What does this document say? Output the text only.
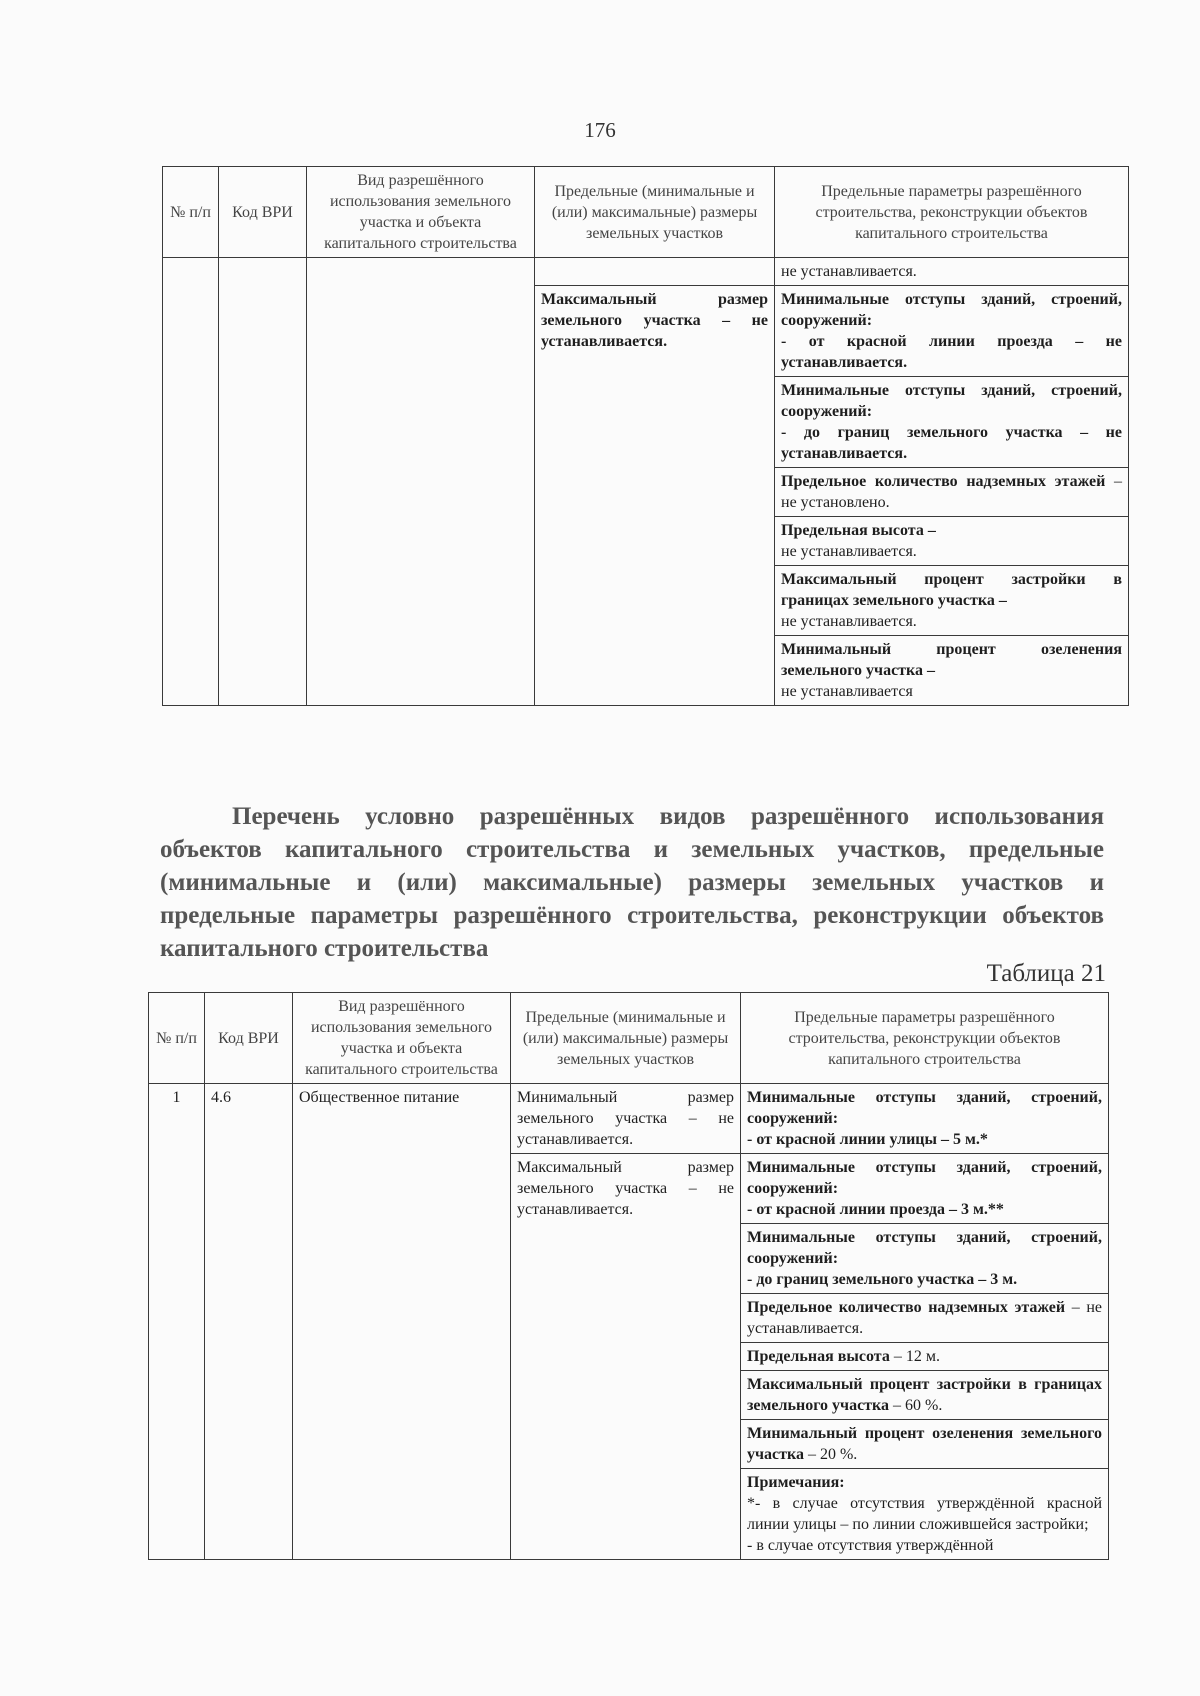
176
№ п/п	Код ВРИ	Вид разрешённого использования земельного участка и объекта капитального строительства	Предельные (минимальные и (или) максимальные) размеры земельных участков	Предельные параметры разрешённого строительства, реконструкции объектов капитального строительства
				не устанавливается.
			Максимальный размер земельного участка – не устанавливается.	Минимальные отступы зданий, строений, сооружений:
- от красной линии проезда – не устанавливается.
				Минимальные отступы зданий, строений, сооружений:
- до границ земельного участка – не устанавливается.
				Предельное количество надземных этажей – не установлено.
				Предельная высота –
не устанавливается.
				Максимальный процент застройки в границах земельного участка –
не устанавливается.
				Минимальный процент озеленения земельного участка –
не устанавливается

Перечень условно разрешённых видов разрешённого использования объектов капитального строительства и земельных участков, предельные (минимальные и (или) максимальные) размеры земельных участков и предельные параметры разрешённого строительства, реконструкции объектов капитального строительства

Таблица 21
№ п/п	Код ВРИ	Вид разрешённого использования земельного участка и объекта капитального строительства	Предельные (минимальные и (или) максимальные) размеры земельных участков	Предельные параметры разрешённого строительства, реконструкции объектов капитального строительства
1	4.6	Общественное питание	Минимальный размер земельного участка – не устанавливается.	Минимальные отступы зданий, строений, сооружений:
- от красной линии улицы – 5 м.*
			Максимальный размер земельного участка – не устанавливается.	Минимальные отступы зданий, строений, сооружений:
- от красной линии проезда – 3 м.**
				Минимальные отступы зданий, строений, сооружений:
- до границ земельного участка – 3 м.
				Предельное количество надземных этажей – не устанавливается.
				Предельная высота – 12 м.
				Максимальный процент застройки в границах земельного участка – 60 %.
				Минимальный процент озеленения земельного участка – 20 %.
				Примечания:
*- в случае отсутствия утверждённой красной линии улицы – по линии сложившейся застройки;
- в случае отсутствия утверждённой
